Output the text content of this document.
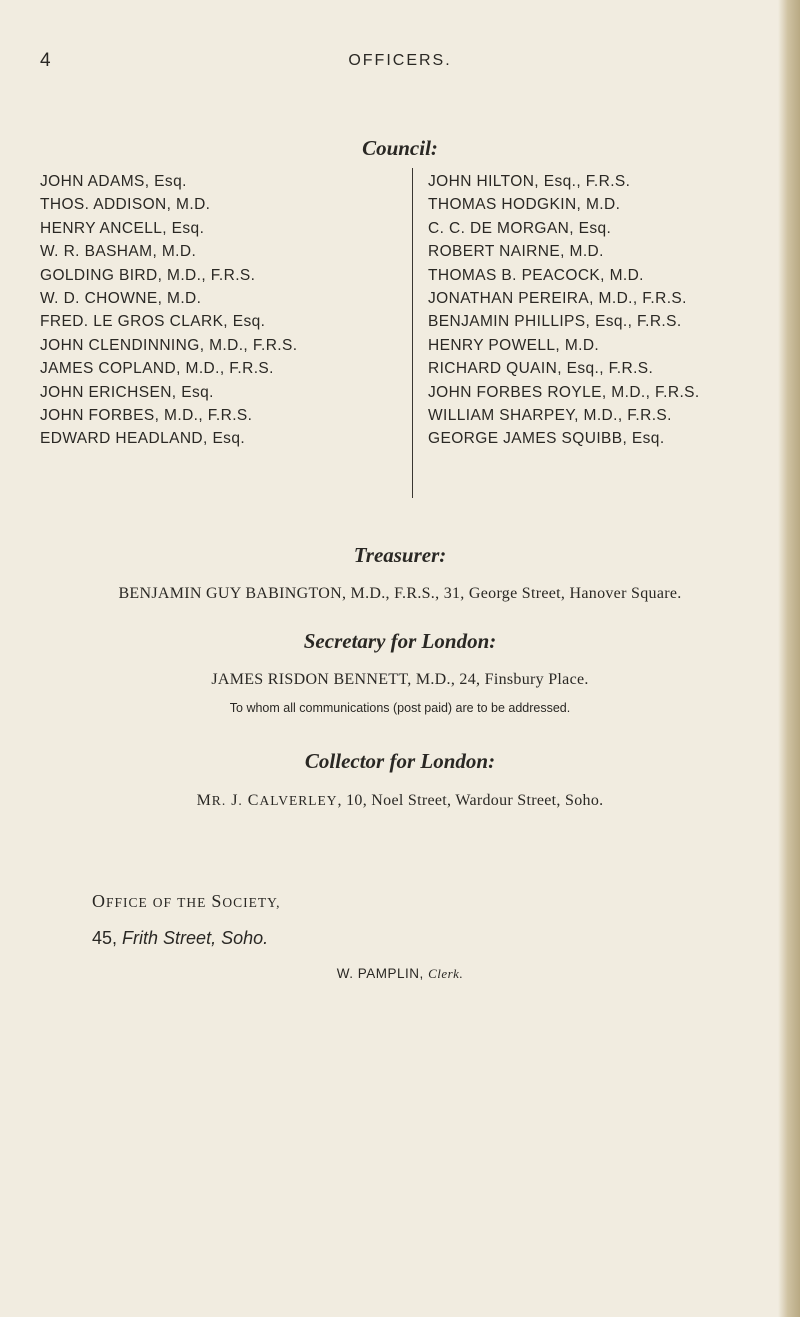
4	OFFICERS.
Council:
JOHN ADAMS, Esq.
THOS. ADDISON, M.D.
HENRY ANCELL, Esq.
W. R. BASHAM, M.D.
GOLDING BIRD, M.D., F.R.S.
W. D. CHOWNE, M.D.
FRED. LE GROS CLARK, Esq.
JOHN CLENDINNING, M.D., F.R.S.
JAMES COPLAND, M.D., F.R.S.
JOHN ERICHSEN, Esq.
JOHN FORBES, M.D., F.R.S.
EDWARD HEADLAND, Esq.
JOHN HILTON, Esq., F.R.S.
THOMAS HODGKIN, M.D.
C. C. DE MORGAN, Esq.
ROBERT NAIRNE, M.D.
THOMAS B. PEACOCK, M.D.
JONATHAN PEREIRA, M.D., F.R.S.
BENJAMIN PHILLIPS, Esq., F.R.S.
HENRY POWELL, M.D.
RICHARD QUAIN, Esq., F.R.S.
JOHN FORBES ROYLE, M.D., F.R.S.
WILLIAM SHARPEY, M.D., F.R.S.
GEORGE JAMES SQUIBB, Esq.
Treasurer:
BENJAMIN GUY BABINGTON, M.D., F.R.S., 31, George Street, Hanover Square.
Secretary for London:
JAMES RISDON BENNETT, M.D., 24, Finsbury Place.
To whom all communications (post paid) are to be addressed.
Collector for London:
MR. J. CALVERLEY, 10, Noel Street, Wardour Street, Soho.
OFFICE OF THE SOCIETY,
45, Frith Street, Soho.
W. PAMPLIN, Clerk.
